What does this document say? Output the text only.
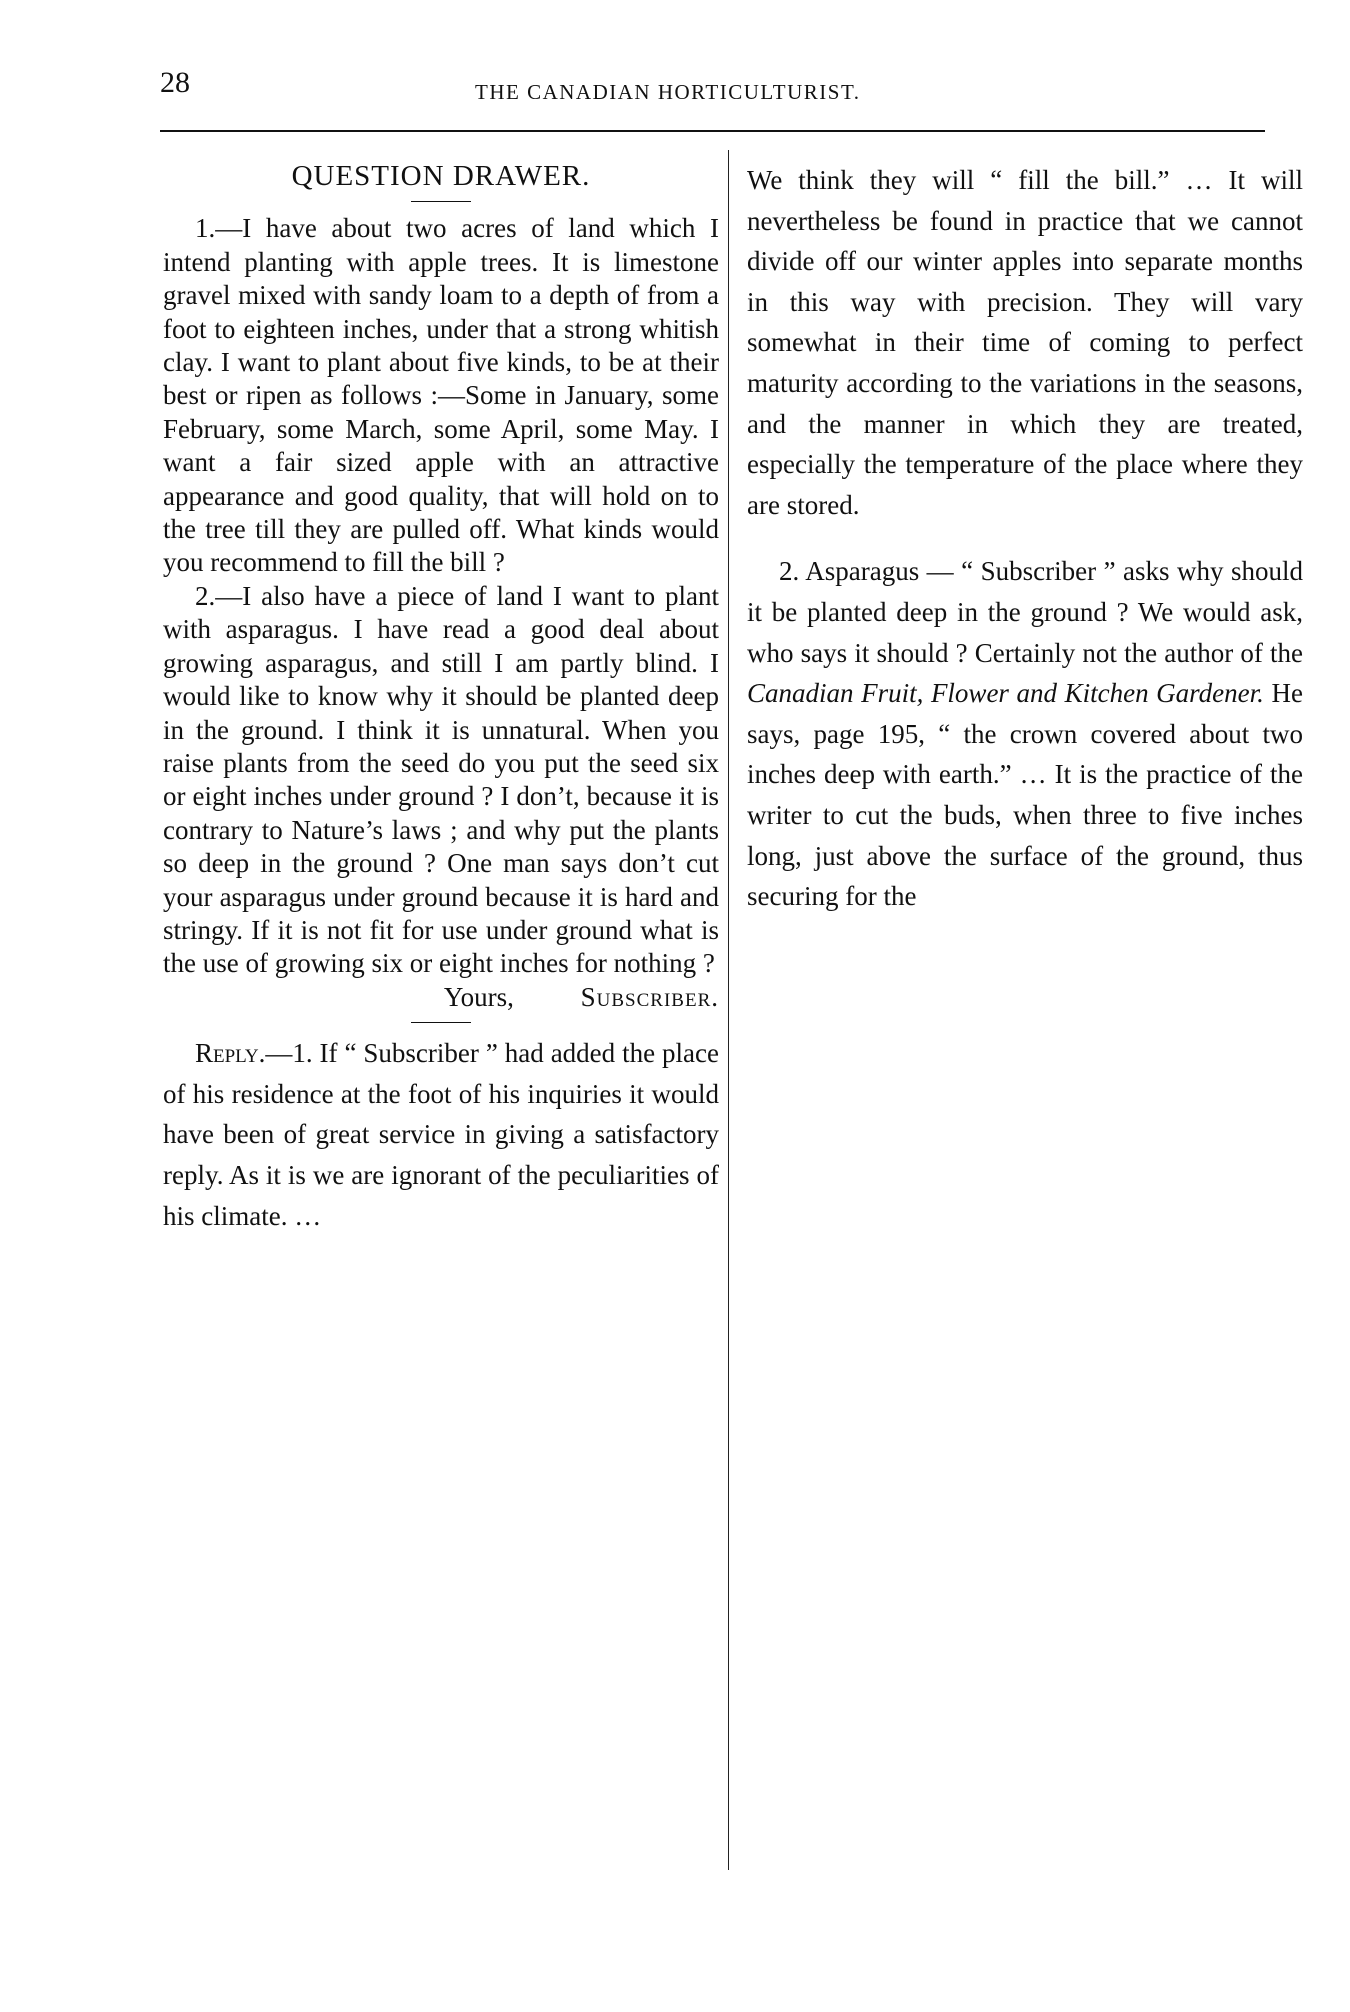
28	THE CANADIAN HORTICULTURIST.
QUESTION DRAWER.

1.—I have about two acres of land which I intend planting with apple trees. It is limestone gravel mixed with sandy loam to a depth of from a foot to eighteen inches, under that a strong whitish clay. I want to plant about five kinds, to be at their best or ripen as follows :—Some in January, some February, some March, some April, some May. I want a fair sized apple with an attractive appearance and good quality, that will hold on to the tree till they are pulled off. What kinds would you recommend to fill the bill ?

2.—I also have a piece of land I want to plant with asparagus. I have read a good deal about growing asparagus, and still I am partly blind. I would like to know why it should be planted deep in the ground. I think it is unnatural. When you raise plants from the seed do you put the seed six or eight inches under ground ? I don’t, because it is contrary to Nature’s laws ; and why put the plants so deep in the ground ? One man says don’t cut your asparagus under ground because it is hard and stringy. If it is not fit for use under ground what is the use of growing six or eight inches for nothing ?
Yours, Subscriber.

Reply.—1. If “ Subscriber ” had added the place of his residence at the foot of his inquiries it would have been of great service in giving a satisfactory reply. As it is we are ignorant of the peculiarities of his climate. …

We think they will “ fill the bill.” … It will nevertheless be found in practice that we cannot divide off our winter apples into separate months in this way with precision. They will vary somewhat in their time of coming to perfect maturity according to the variations in the seasons, and the manner in which they are treated, especially the temperature of the place where they are stored.

2. Asparagus — “ Subscriber ” asks why should it be planted deep in the ground ? We would ask, who says it should ? Certainly not the author of the Canadian Fruit, Flower and Kitchen Gardener. He says, page 195, “ the crown covered about two inches deep with earth.” … It is the practice of the writer to cut the buds, when three to five inches long, just above the surface of the ground, thus securing for the
